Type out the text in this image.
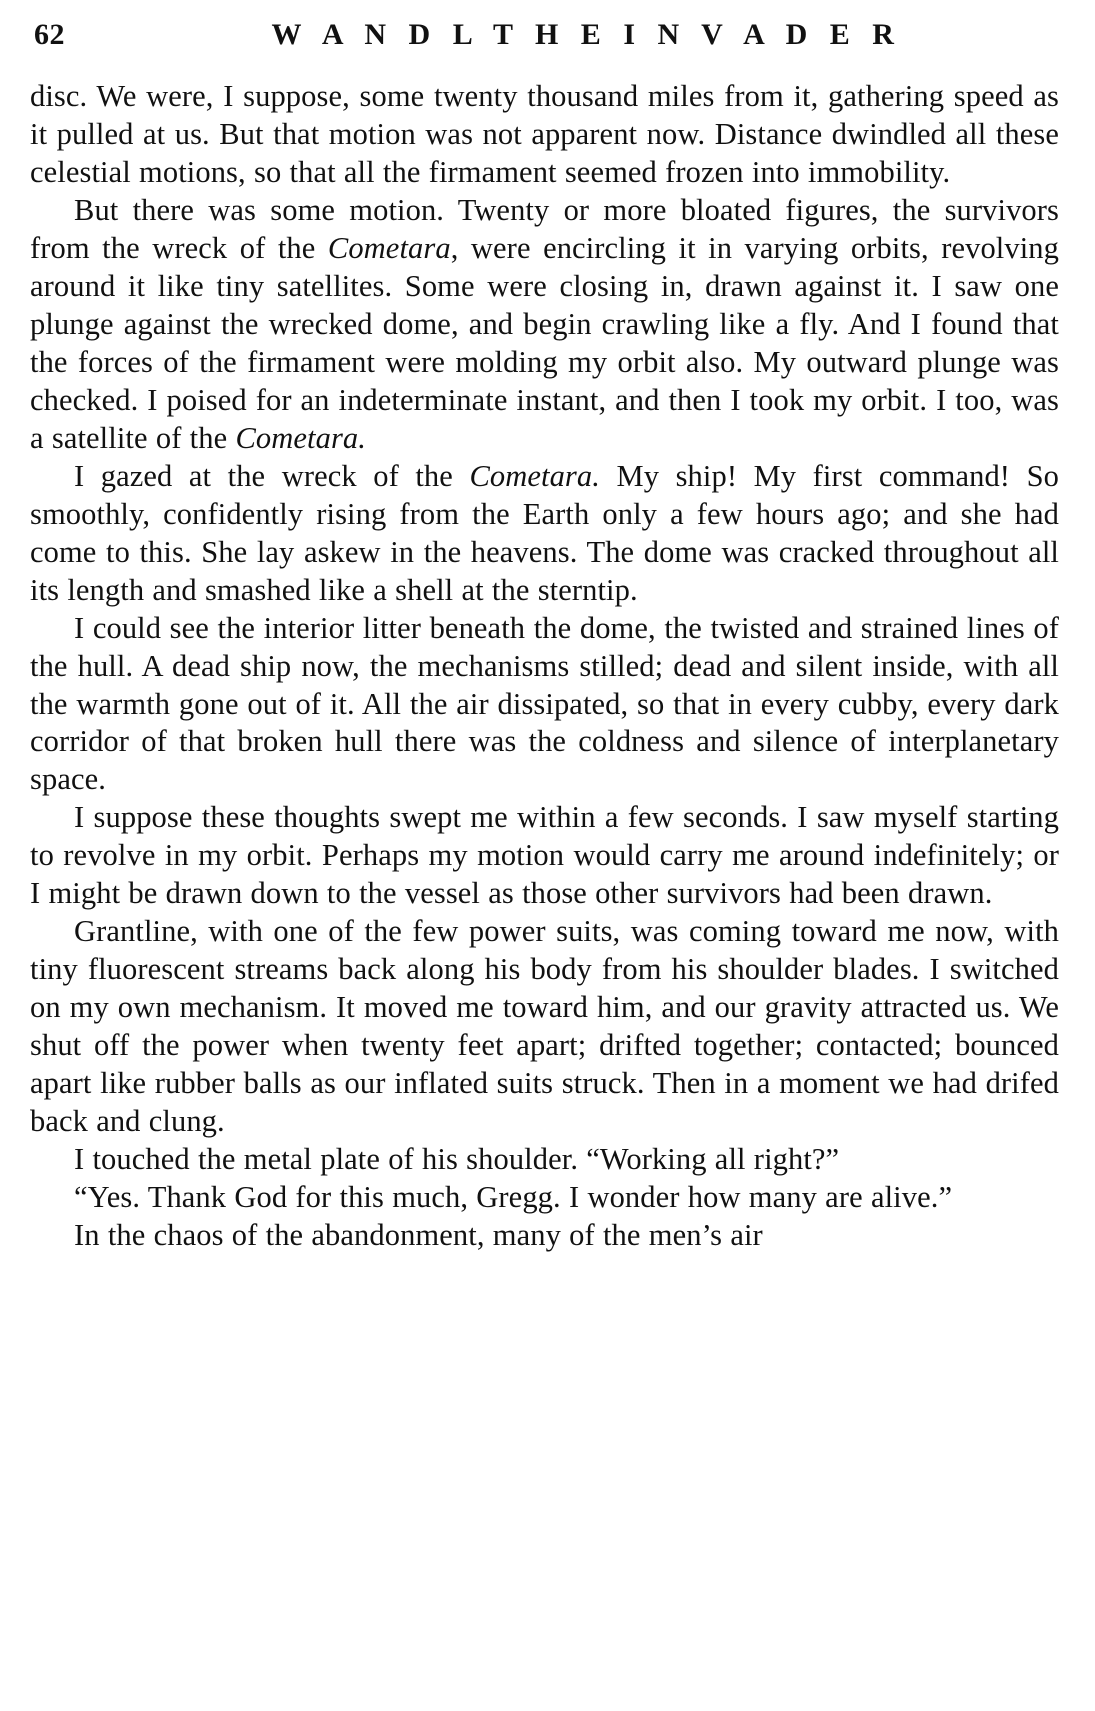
62	W A N D L T H E I N V A D E R

disc. We were, I suppose, some twenty thousand miles from it, gathering speed as it pulled at us. But that motion was not apparent now. Distance dwindled all these celestial motions, so that all the firmament seemed frozen into immobility.

But there was some motion. Twenty or more bloated figures, the survivors from the wreck of the Cometara, were encircling it in varying orbits, revolving around it like tiny satellites. Some were closing in, drawn against it. I saw one plunge against the wrecked dome, and begin crawling like a fly. And I found that the forces of the firmament were molding my orbit also. My outward plunge was checked. I poised for an indeterminate instant, and then I took my orbit. I too, was a satellite of the Cometara.

I gazed at the wreck of the Cometara. My ship! My first command! So smoothly, confidently rising from the Earth only a few hours ago; and she had come to this. She lay askew in the heavens. The dome was cracked throughout all its length and smashed like a shell at the sterntip.

I could see the interior litter beneath the dome, the twisted and strained lines of the hull. A dead ship now, the mechanisms stilled; dead and silent inside, with all the warmth gone out of it. All the air dissipated, so that in every cubby, every dark corridor of that broken hull there was the coldness and silence of interplanetary space.

I suppose these thoughts swept me within a few seconds. I saw myself starting to revolve in my orbit. Perhaps my motion would carry me around indefinitely; or I might be drawn down to the vessel as those other survivors had been drawn.

Grantline, with one of the few power suits, was coming toward me now, with tiny fluorescent streams back along his body from his shoulder blades. I switched on my own mechanism. It moved me toward him, and our gravity attracted us. We shut off the power when twenty feet apart; drifted together; contacted; bounced apart like rubber balls as our inflated suits struck. Then in a moment we had drifed back and clung.

I touched the metal plate of his shoulder. “Working all right?”

“Yes. Thank God for this much, Gregg. I wonder how many are alive.”

In the chaos of the abandonment, many of the men’s air
